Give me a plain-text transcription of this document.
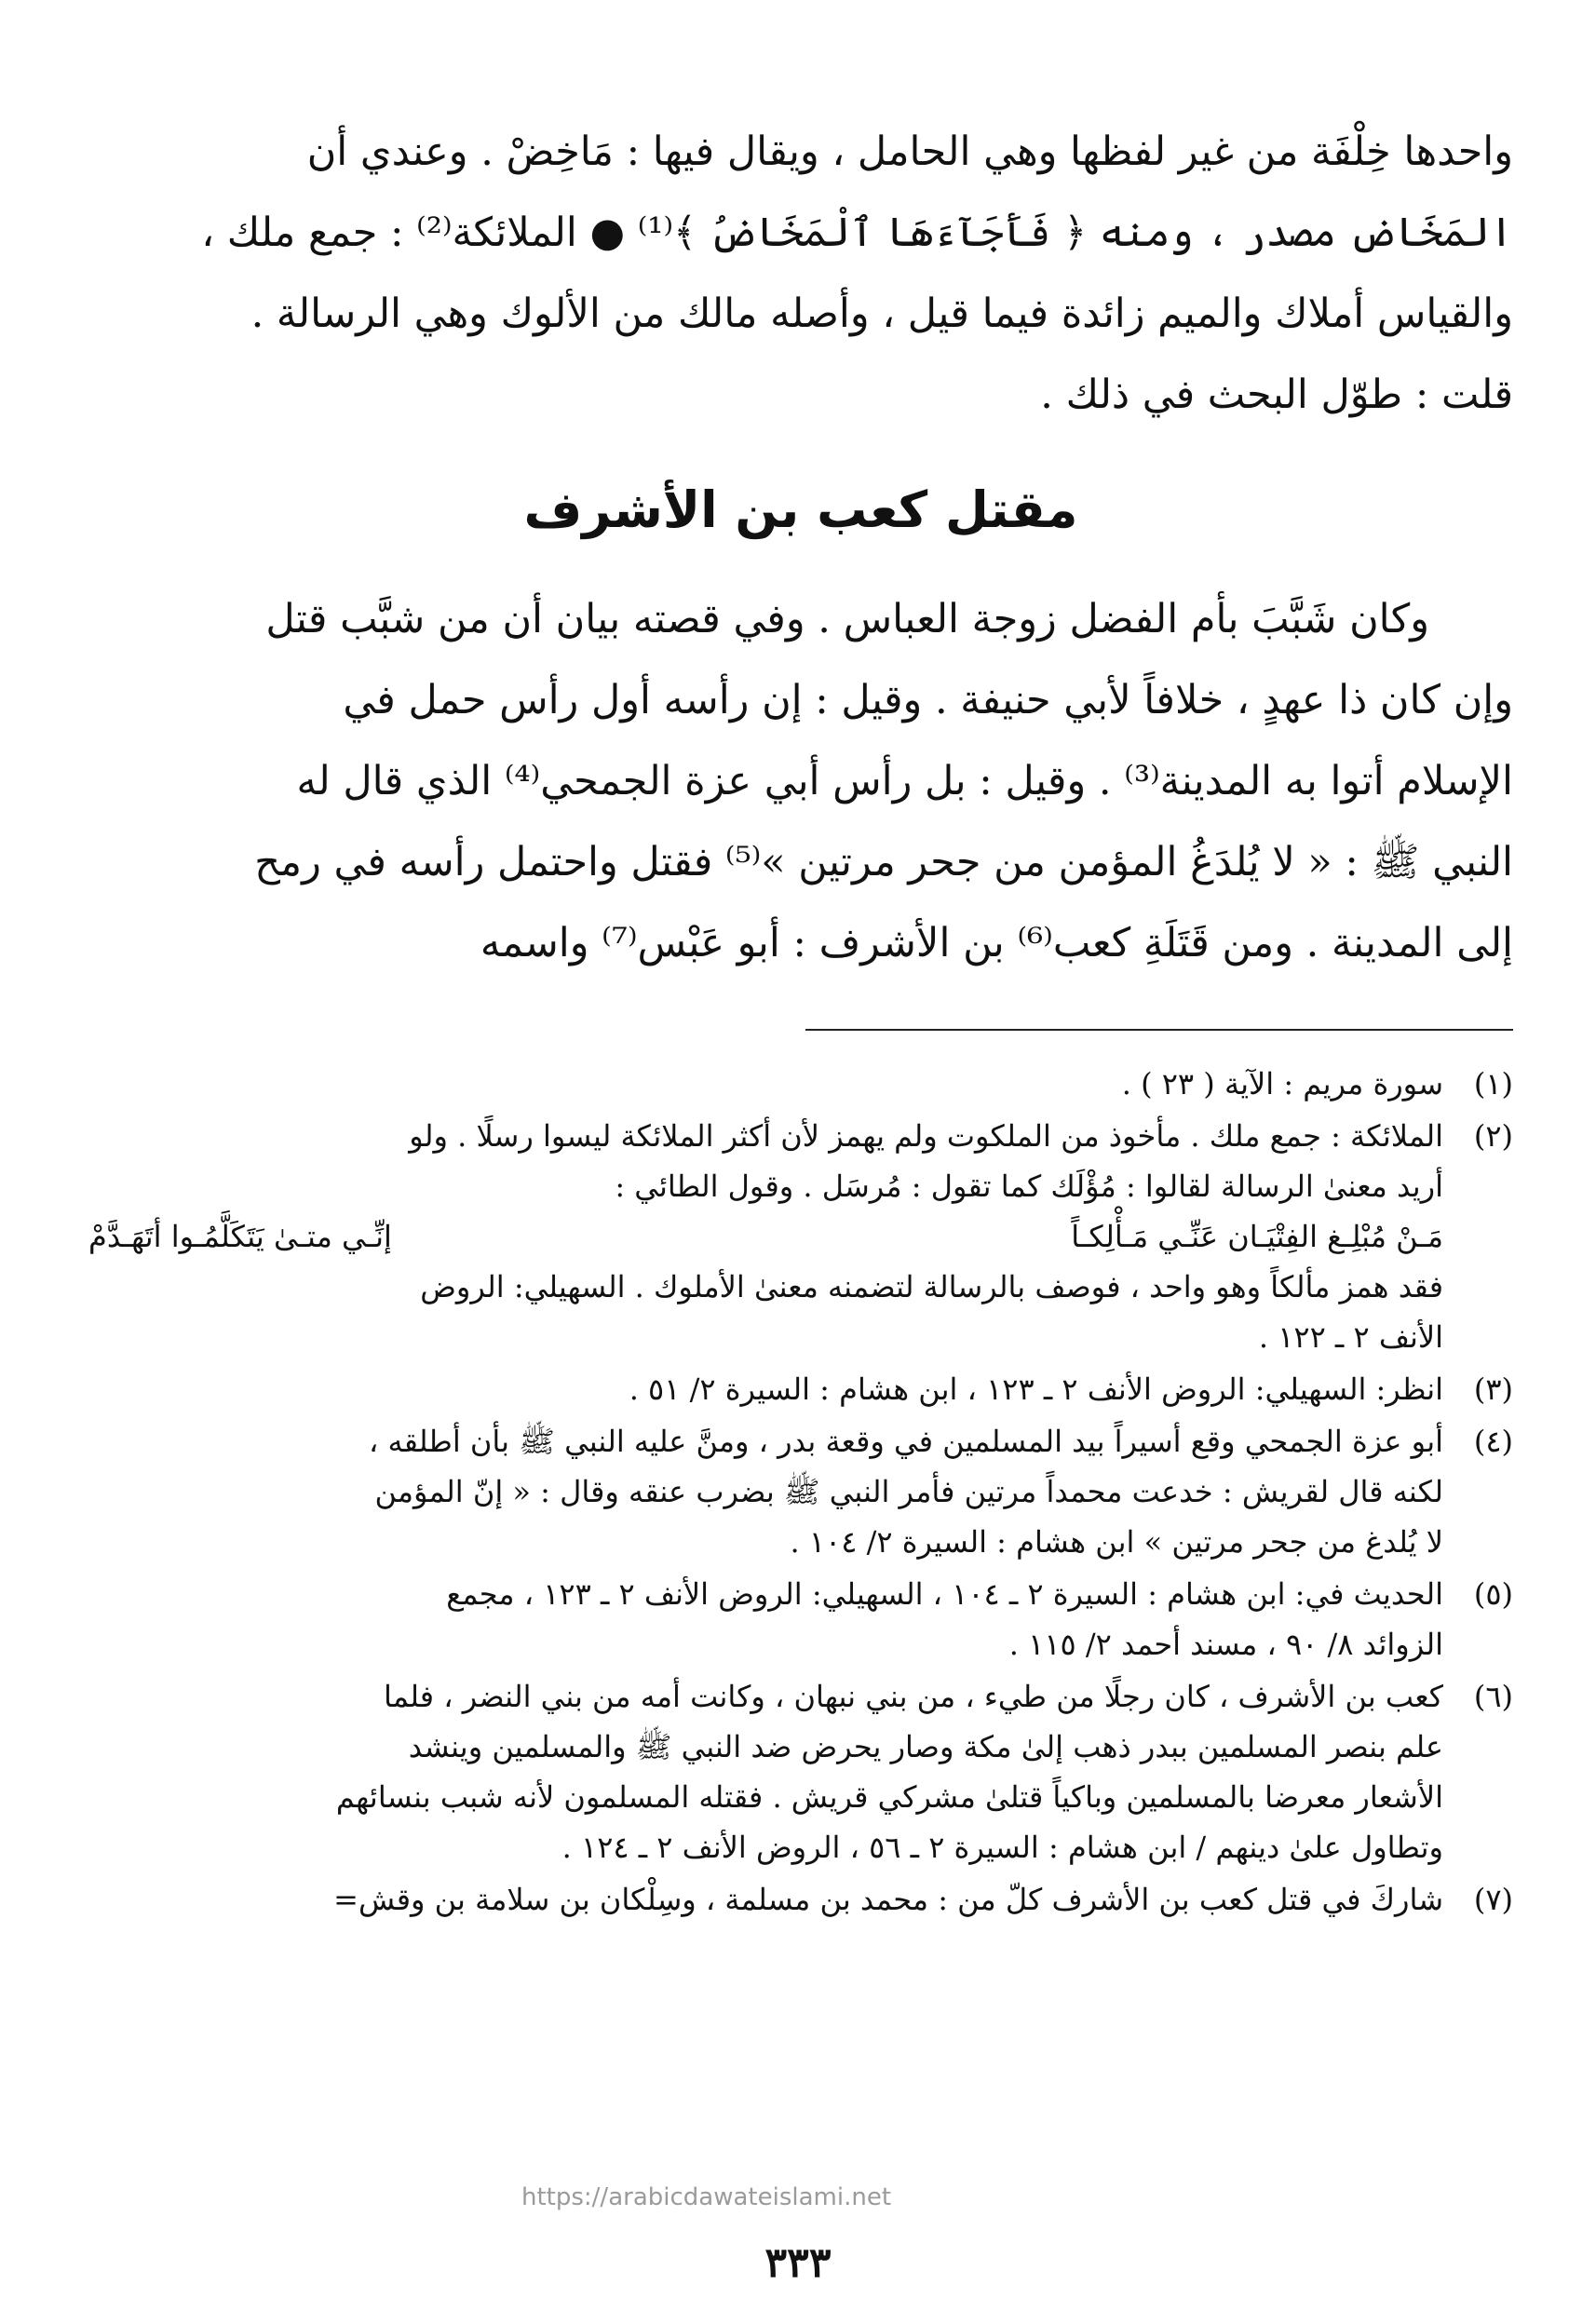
واحدها خِلْفَة من غير لفظها وهي الحامل ، ويقال فيها : مَاخِضْ . وعندي أن

المَخَاض مصدر ، ومنه ﴿ فَأَجَآءَهَا ٱلْمَخَاضُ ﴾⁽¹⁾ ● الملائكة⁽²⁾ : جمع ملك ،

والقياس أملاك والميم زائدة فيما قيل ، وأصله مالك من الألوك وهي الرسالة .

قلت : طوّل البحث في ذلك .

مقتل كعب بن الأشرف

وكان شَبَّبَ بأم الفضل زوجة العباس . وفي قصته بيان أن من شبَّب قتل

وإن كان ذا عهدٍ ، خلافاً لأبي حنيفة . وقيل : إن رأسه أول رأس حمل في

الإسلام أتوا به المدينة⁽³⁾ . وقيل : بل رأس أبي عزة الجمحي⁽⁴⁾ الذي قال له

النبي ﷺ : « لا يُلدَغُ المؤمن من جحر مرتين »⁽⁵⁾ فقتل واحتمل رأسه في رمح

إلى المدينة . ومن قَتَلَةِ كعب⁽⁶⁾ بن الأشرف : أبو عَبْس⁽⁷⁾ واسمه

(١)
سورة مريم : الآية ( ٢٣ ) .
(٢)
الملائكة : جمع ملك . مأخوذ من الملكوت ولم يهمز لأن أكثر الملائكة ليسوا رسلًا . ولو
أريد معنىٰ الرسالة لقالوا : مُؤْلَك كما تقول : مُرسَل . وقول الطائي :
مَـنْ مُبْلِـغ الفِتْيَـان عَنِّـي مَـأْلِكـاً
إنِّـي متـىٰ يَتَكَلَّمُـوا أتَهَـدَّمْ
فقد همز مألكاً وهو واحد ، فوصف بالرسالة لتضمنه معنىٰ الأملوك . السهيلي: الروض
الأنف ٢ ـ ١٢٢ .
(٣)
انظر: السهيلي: الروض الأنف ٢ ـ ١٢٣ ، ابن هشام : السيرة ٢/ ٥١ .
(٤)
أبو عزة الجمحي وقع أسيراً بيد المسلمين في وقعة بدر ، ومنَّ عليه النبي ﷺ بأن أطلقه ،
لكنه قال لقريش : خدعت محمداً مرتين فأمر النبي ﷺ بضرب عنقه وقال : « إنّ المؤمن
لا يُلدغ من جحر مرتين » ابن هشام : السيرة ٢/ ١٠٤ .
(٥)
الحديث في: ابن هشام : السيرة ٢ ـ ١٠٤ ، السهيلي: الروض الأنف ٢ ـ ١٢٣ ، مجمع
الزوائد ٨/ ٩٠ ، مسند أحمد ٢/ ١١٥ .
(٦)
كعب بن الأشرف ، كان رجلًا من طيء ، من بني نبهان ، وكانت أمه من بني النضر ، فلما
علم بنصر المسلمين ببدر ذهب إلىٰ مكة وصار يحرض ضد النبي ﷺ والمسلمين وينشد
الأشعار معرضا بالمسلمين وباكياً قتلىٰ مشركي قريش . فقتله المسلمون لأنه شبب بنسائهم
وتطاول علىٰ دينهم / ابن هشام : السيرة ٢ ـ ٥٦ ، الروض الأنف ٢ ـ ١٢٤ .
(٧)
شاركَ في قتل كعب بن الأشرف كلّ من : محمد بن مسلمة ، وسِلْكان بن سلامة بن وقش=
https://arabicdawateislami.net
٣٣٣
